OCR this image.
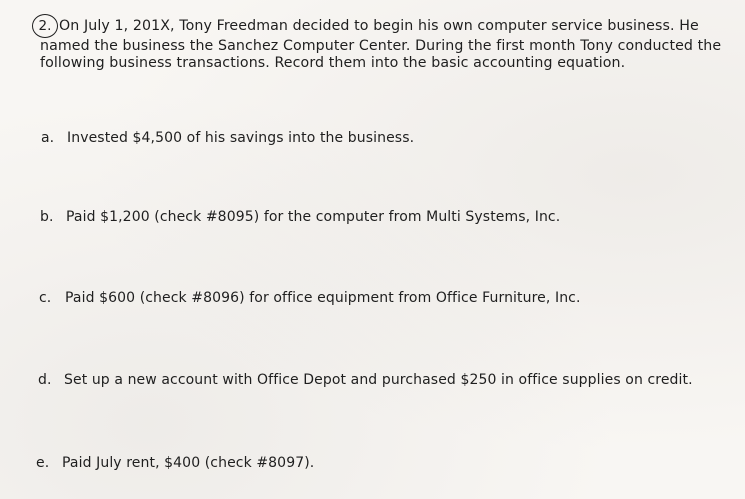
2. On July 1, 201X, Tony Freedman decided to begin his own computer service business. He named the business the Sanchez Computer Center. During the first month Tony conducted the following business transactions. Record them into the basic accounting equation.
a. Invested $4,500 of his savings into the business.
b. Paid $1,200 (check #8095) for the computer from Multi Systems, Inc.
c. Paid $600 (check #8096) for office equipment from Office Furniture, Inc.
d. Set up a new account with Office Depot and purchased $250 in office supplies on credit.
e. Paid July rent, $400 (check #8097).
